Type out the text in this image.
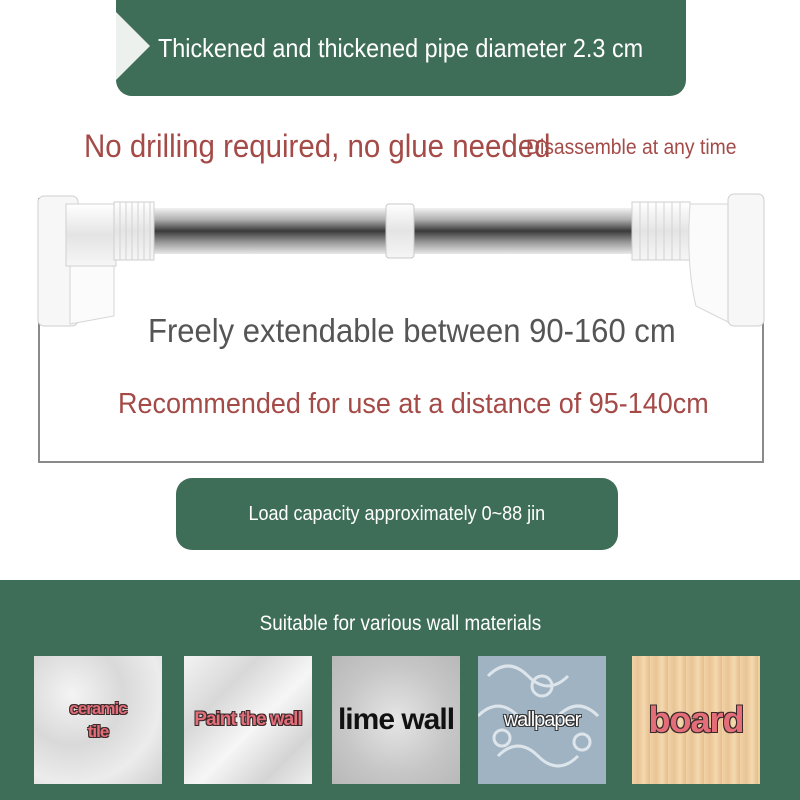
Thickened and thickened pipe diameter 2.3 cm
No drilling required, no glue needed
Disassemble at any time
Freely extendable between 90-160 cm
Recommended for use at a distance of 95-140cm
Load capacity approximately 0~88 jin
Suitable for various wall materials
ceramic
tile
Paint the wall lime wall wallpaper board
